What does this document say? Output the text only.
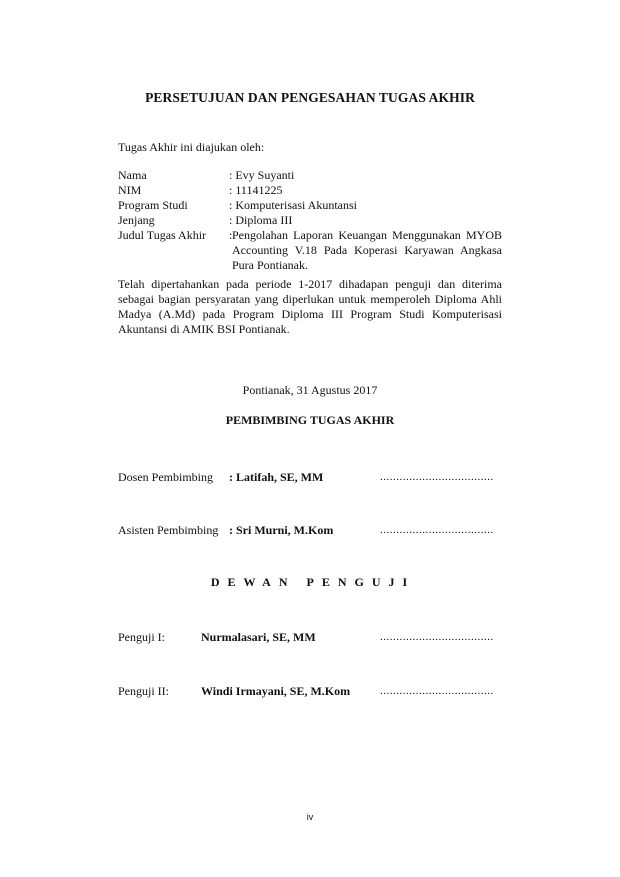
PERSETUJUAN DAN PENGESAHAN TUGAS AKHIR
Tugas Akhir ini diajukan oleh:
Nama	: Evy Suyanti
NIM	: 11141225
Program Studi	: Komputerisasi Akuntansi
Jenjang	: Diploma III
Judul Tugas Akhir : Pengolahan Laporan Keuangan Menggunakan MYOB Accounting V.18 Pada Koperasi Karyawan Angkasa Pura Pontianak.
Telah dipertahankan pada periode 1-2017 dihadapan penguji dan diterima sebagai bagian persyaratan yang diperlukan untuk memperoleh Diploma Ahli Madya (A.Md) pada Program Diploma III Program Studi Komputerisasi Akuntansi di AMIK BSI Pontianak.
Pontianak, 31 Agustus 2017
PEMBIMBING TUGAS AKHIR
Dosen Pembimbing : Latifah, SE, MM	...................................
Asisten Pembimbing : Sri Murni, M.Kom	...................................
DEWAN PENGUJI
Penguji I:	Nurmalasari, SE, MM	...................................
Penguji II:	Windi Irmayani, SE, M.Kom	...................................
iv
